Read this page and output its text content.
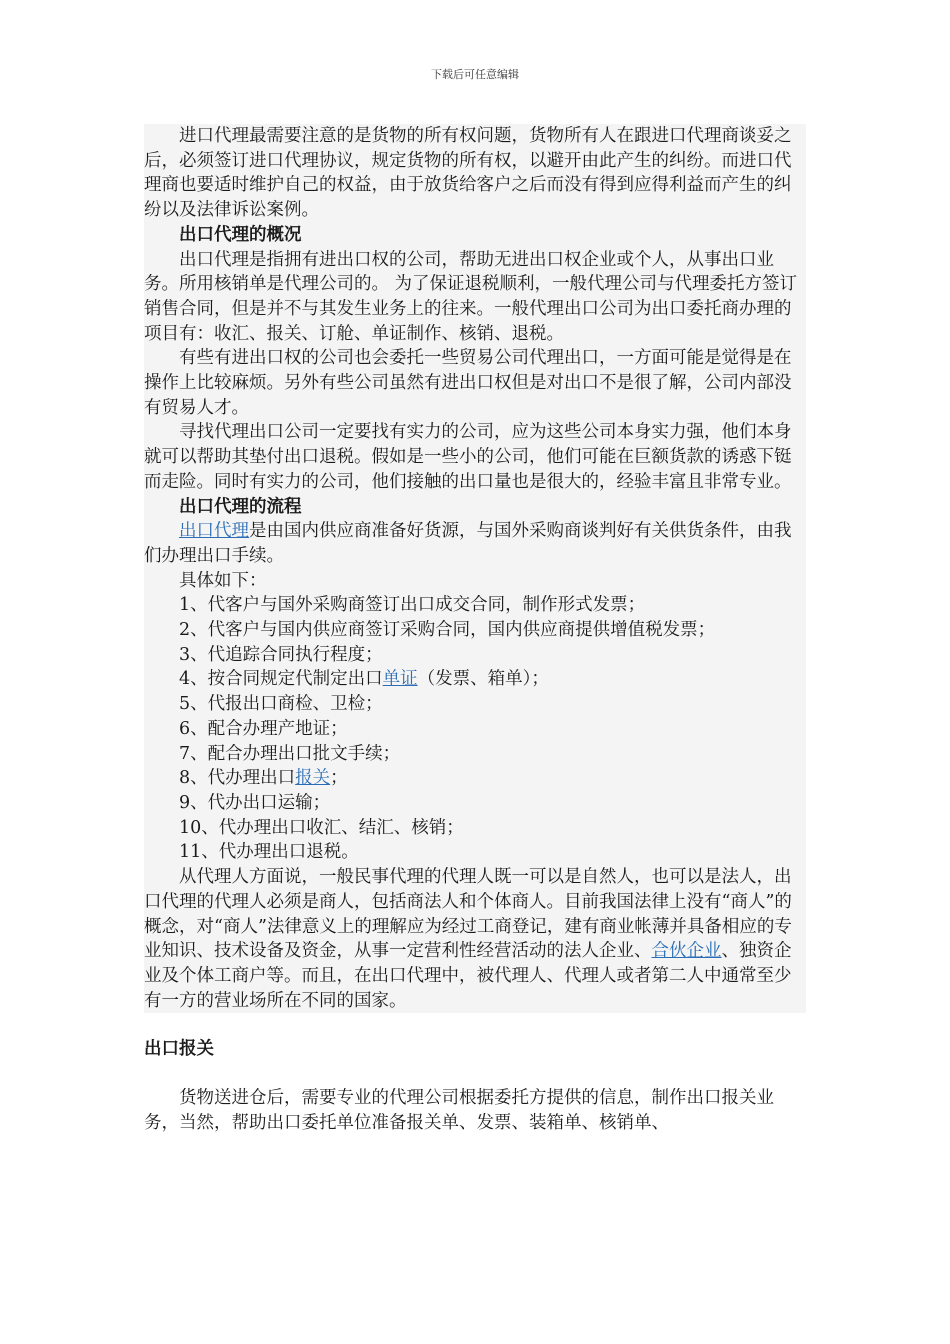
下载后可任意编辑

进口代理最需要注意的是货物的所有权问题，货物所有人在跟进口代理商谈妥之后，必须签订进口代理协议，规定货物的所有权，以避开由此产生的纠纷。而进口代理商也要适时维护自己的权益，由于放货给客户之后而没有得到应得利益而产生的纠纷以及法律诉讼案例。

出口代理的概况

出口代理是指拥有进出口权的公司，帮助无进出口权企业或个人，从事出口业务。所用核销单是代理公司的。 为了保证退税顺利，一般代理公司与代理委托方签订销售合同，但是并不与其发生业务上的往来。一般代理出口公司为出口委托商办理的项目有：收汇、报关、订舱、单证制作、核销、退税。

有些有进出口权的公司也会委托一些贸易公司代理出口，一方面可能是觉得是在操作上比较麻烦。另外有些公司虽然有进出口权但是对出口不是很了解，公司内部没有贸易人才。

寻找代理出口公司一定要找有实力的公司，应为这些公司本身实力强，他们本身就可以帮助其垫付出口退税。假如是一些小的公司，他们可能在巨额货款的诱惑下铤而走险。同时有实力的公司，他们接触的出口量也是很大的，经验丰富且非常专业。

出口代理的流程

出口代理是由国内供应商准备好货源，与国外采购商谈判好有关供货条件，由我们办理出口手续。

具体如下：

1、代客户与国外采购商签订出口成交合同，制作形式发票；

2、代客户与国内供应商签订采购合同，国内供应商提供增值税发票；

3、代追踪合同执行程度；

4、按合同规定代制定出口单证（发票、箱单）；

5、代报出口商检、卫检；

6、配合办理产地证；

7、配合办理出口批文手续；

8、代办理出口报关；

9、代办出口运输；

10、代办理出口收汇、结汇、核销；

11、代办理出口退税。

从代理人方面说，一般民事代理的代理人既一可以是自然人，也可以是法人，出口代理的代理人必须是商人，包括商法人和个体商人。目前我国法律上没有“商人”的概念，对“商人”法律意义上的理解应为经过工商登记，建有商业帐薄并具备相应的专业知识、技术设备及资金，从事一定营利性经营活动的法人企业、合伙企业、独资企业及个体工商户等。而且，在出口代理中，被代理人、代理人或者第二人中通常至少有一方的营业场所在不同的国家。

出口报关

货物送进仓后，需要专业的代理公司根据委托方提供的信息，制作出口报关业务，当然，帮助出口委托单位准备报关单、发票、装箱单、核销单、
